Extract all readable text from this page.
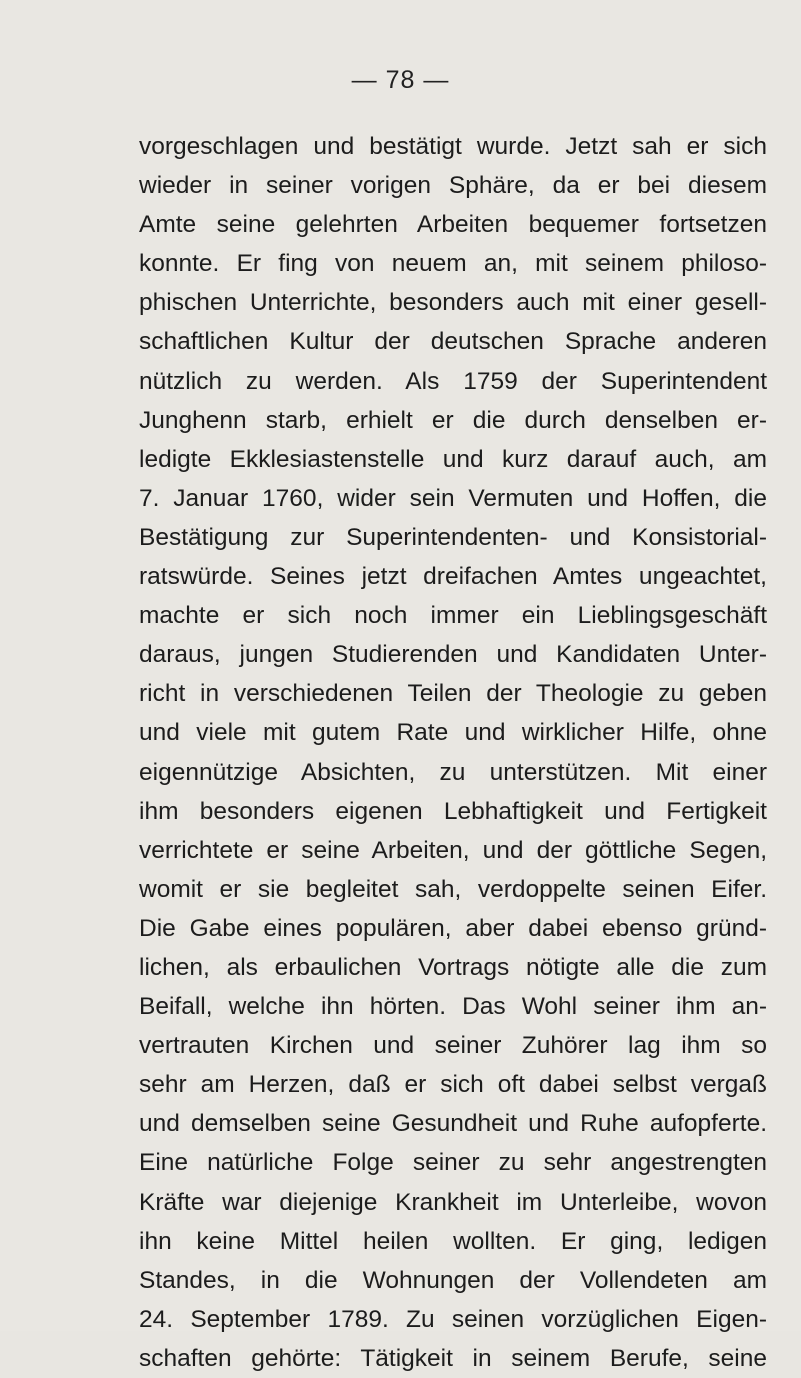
— 78 —
vorgeschlagen und bestätigt wurde. Jetzt sah er sich
wieder in seiner vorigen Sphäre, da er bei diesem
Amte seine gelehrten Arbeiten bequemer fortsetzen
konnte. Er fing von neuem an, mit seinem philoso-
phischen Unterrichte, besonders auch mit einer gesell-
schaftlichen Kultur der deutschen Sprache anderen
nützlich zu werden. Als 1759 der Superintendent
Junghenn starb, erhielt er die durch denselben er-
ledigte Ekklesiastenstelle und kurz darauf auch, am
7. Januar 1760, wider sein Vermuten und Hoffen, die
Bestätigung zur Superintendenten- und Konsistorial-
ratswürde. Seines jetzt dreifachen Amtes ungeachtet,
machte er sich noch immer ein Lieblingsgeschäft
daraus, jungen Studierenden und Kandidaten Unter-
richt in verschiedenen Teilen der Theologie zu geben
und viele mit gutem Rate und wirklicher Hilfe, ohne
eigennützige Absichten, zu unterstützen. Mit einer
ihm besonders eigenen Lebhaftigkeit und Fertigkeit
verrichtete er seine Arbeiten, und der göttliche Segen,
womit er sie begleitet sah, verdoppelte seinen Eifer.
Die Gabe eines populären, aber dabei ebenso gründ-
lichen, als erbaulichen Vortrags nötigte alle die zum
Beifall, welche ihn hörten. Das Wohl seiner ihm an-
vertrauten Kirchen und seiner Zuhörer lag ihm so
sehr am Herzen, daß er sich oft dabei selbst vergaß
und demselben seine Gesundheit und Ruhe aufopferte.
Eine natürliche Folge seiner zu sehr angestrengten
Kräfte war diejenige Krankheit im Unterleibe, wovon
ihn keine Mittel heilen wollten. Er ging, ledigen
Standes, in die Wohnungen der Vollendeten am
24. September 1789. Zu seinen vorzüglichen Eigen-
schaften gehörte: Tätigkeit in seinem Berufe, seine
